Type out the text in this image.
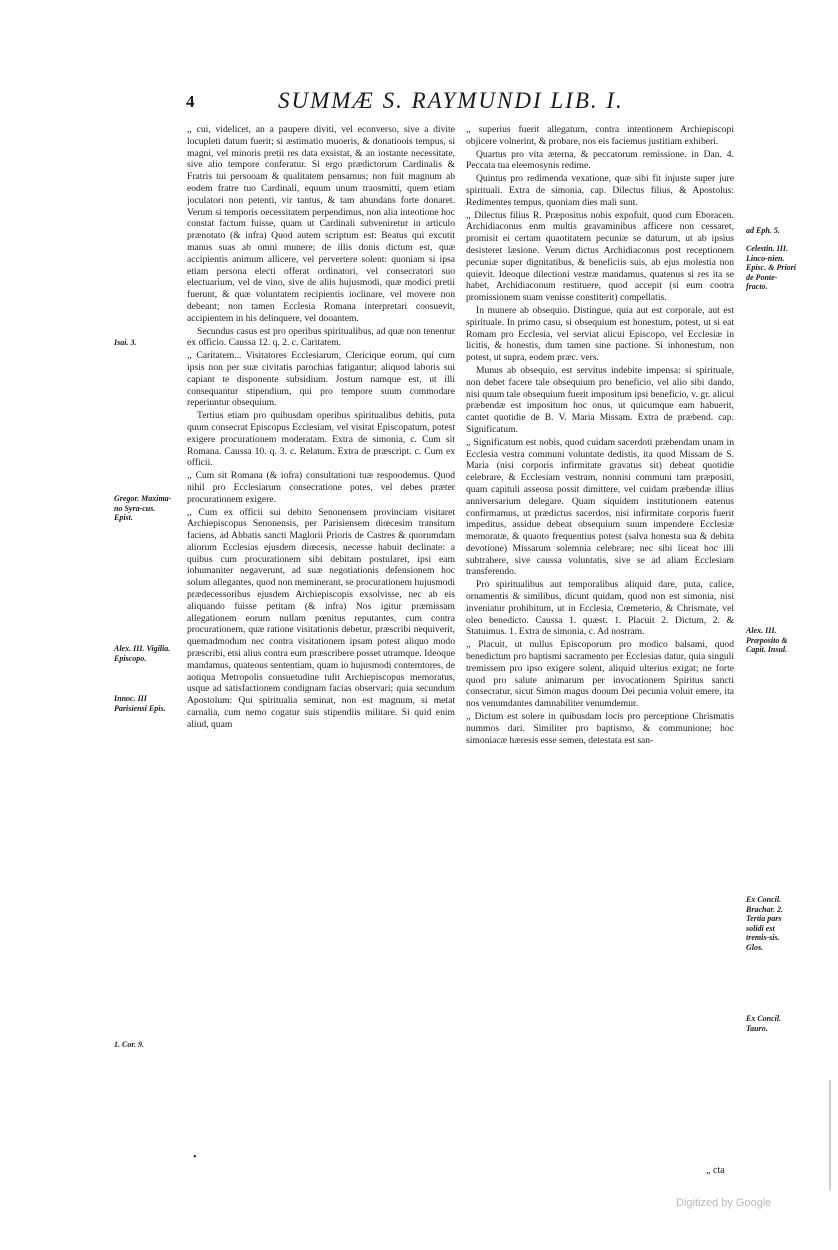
4	SUMMÆ S. RAYMUNDI LIB. I.
Isai. 3.
Gregor. Maxima-no Syra-cus. Epist.
Alex. III. Vigilia. Episcopo.
Innoc. III Parisiensi Epis.
1. Cor. 9.
ad Eph. 5.
Celestin. III. Linco-nien. Episc. & Priori de Ponte-fracto.
Alex. III. Præposito & Capit. Insul.
Ex Concil. Brachar. 2. Tertia pars solidi est tremis-sis. Glos.
Ex Concil. Tauro.

,, cui, videlicet, an a paupere diviti, vel econverso, sive a divite locupleti datum fuerit; si æstimatio muoeris, & donatioois tempus, si magni, vel minoris pretii res data exsistat, & an iostante necessitate, sive alio tempore conferatur. Si ergo prædictorum Cardinalis & Fratris tui persooam & qualitatem pensamus; non fuit magnum ab eodem fratre tuo Cardinali, equum unum traosmitti, quem etiam joculatori non petenti, vir tantus, & tam abundans forte donaret. Verum si temporis oecessitatem perpendimus, non alia inteotione hoc constat factum fuisse, quam ut Cardinali subveniretur in articulo prænotato (& infra) Quod autem scriptum est: Beatus qui excutit manus suas ab omni munere; de illis donis dictum est, quæ accipientis animum allicere, vel pervertere solent: quoniam si ipsa etiam persona electi offerat ordinatori, vel consecratori suo electuarium, vel de vino, sive de aliis hujusmodi, quæ modici pretii fuerunt, & quæ voluntatem recipientis ioclinare, vel movere non debeant; non tamen Ecclesia Romana interpretari coosuevit, accipientem in his delinquere, vel dooantem.

Secundus casus est pro operibus spiritualibus, ad quæ non tenentur ex officio. Caussa 12. q. 2. c. Caritatem.

,, Caritatem... Visitatores Ecclesiarum, Clericique eorum, qui cum ipsis non per suæ civitatis parochias fatigantur; aliquod laboris sui capiant te disponente subsidium. Jostum namque est, ut illi consequantur stipendium, qui pro tempore suum commodare reperiuntur obsequium.

Tertius etiam pro quibusdam operibus spiritualibus debitis, puta quum consecrat Episcopus Ecclesiam, vel visitat Episcopatum, potest exigere procurationem moderatam. Extra de simonia, c. Cum sit Romana. Caussa 10. q. 3. c. Relatum. Extra de præscript. c. Cum ex officii.

,, Cum sit Romana (& iofra) consultationi tuæ respoodemus. Quod nihil pro Ecclesiarum consecratione potes, vel debes præter procurationem exigere.

,, Cum ex officii sui debito Senonensem provinciam visitaret Archiepiscopus Senonensis, per Parisiensem diœcesim transitum faciens, ad Abbatis sancti Maglorii Prioris de Castres & quorumdam aliorum Ecclesias ejusdem diœcesis, necesse habuit declinate: a quibus cum procurationem sibi debitam postularet, ipsi eam iohumaniter negaverunt, ad suæ negotiationis defensionem hoc solum allegantes, quod non meminerant, se procurationem hujusmodi prædecessoribus ejusdem Archiepiscopis exsolvisse, nec ab eis aliquando fuisse petitam (& infra) Nos igitur præmissam allegationem eorum nullam pœnitus reputantes, cum contra procurationem, quæ ratione visitationis debetur, præscribi nequiverit, quemadmodum nec contra visitationem ipsam potest aliquo modo præscribi, etsi alius contra eum præscribere posset utramque. Ideoque mandamus, quateous sententiam, quam io hujusmodi contemtores, de aotiqua Metropolis consuetudine tulit Archiepiscopus memoratus, usque ad satisfactionem condignam facias observari; quia secundum Apostolum: Qui spiritualia seminat, non est magnum, si metat carnalia, cum nemo cogatur suis stipendiis militare. Si quid enim aliud, quam

,, superius fuerit allegatum, contra intentionem Archiepiscopi objicere volnerint, & probare, nos eis faciemus justitiam exhiberi.

Quartus pro vita æterna, & peccatorum remissione. in Dan. 4. Peccata tua eleemosynis redime.

Quintus pro redimenda vexatione, quæ sibi fit injuste super jure spirituali. Extra de simonia, cap. Dilectus filius, & Apostolus: Redimentes tempus, quoniam dies mali sunt.

,, Dilectus filius R. Præpositus nobis expofuit, quod cum Eboracen. Archidiaconus enm multis gravaminibus afficere non cessaret, promisit ei certam quaotitatem pecuniæ se daturum, ut ab ipsius desisteret læsione. Verum dictus Archidiaconus post receptionem pecuniæ super dignitatibus, & beneficiis suis, ab ejus molestia non quievit. Ideoque dilectioni vestræ mandamus, quatenus si res ita se habet, Archidiaconum restituere, quod accepit (si eum cootra promissionem suam venisse constiterit) compellatis.

In munere ab obsequio. Distingue, quia aut est corporale, aut est spirituale. In primo casu, si obsequium est honestum, potest, ut si eat Romam pro Ecclesia, vel serviat alicui Episcopo, vel Ecclesiæ in licitis, & honestis, dum tamen sine pactione. Si inhonestum, non potest, ut supra, eodem præc. vers.

Munus ab obsequio, est servitus indebite impensa: si spirituale, non debet facere tale obsequium pro beneficio, vel alio sibi dando, nisi quum tale obsequium fuerit impositum ipsi beneficio, v. gr. alicui præbendæ est impositum hoc onus, ut quicumque eam habuerit, cantet quotidie de B. V. Maria Missam. Extra de præbend. cap. Significatum.

,, Significatum est nobis, quod cuidam sacerdoti præbendam unam in Ecclesia vestra communi voluntate dedistis, ita quod Missam de S. Maria (nisi corporis infirmitate gravatus sit) debeat quotidie celebrare, & Ecclesiam vestram, nonnisi communi tam præpositi, quam capituli asseosu possit dimittere, vel cuidam præbendæ illius anniversarium delegare. Quam siquidem institutionem eatenus confirmamus, ut prædictus sacerdos, nisi infirmitate corporis fuerit impeditus, assidue debeat obsequium suum impendere Ecclesiæ memoratæ, & quaoto frequentius potest (salva honesta sua & debita devotione) Missarum solemnia celebrare; nec sibi liceat hoc illi subtrahere, sive caussa voluntatis, sive se ad aliam Ecclesiam transferendo.

Pro spiritualibus aut temporalibus aliquid dare, puta, calice, ornamentis & similibus, dicunt quidam, quod non est simonia, nisi inveniatur prohibitum, ut in Ecclesia, Cœmeterio, & Chrismate, vel oleo benedicto. Caussa 1. quæst. 1. Placuit 2. Dictum, 2. & Statuimus. 1. Extra de simonia, c. Ad nostram.

,, Placuit, ut nullus Episcoporum pro modico balsami, quod benedictum pro baptismi sacramento per Ecclesias datur, quia singuli tremissem pro ipso exigere solent, aliquid ulterius exigat; ne forte quod pro salute animarum per invocationem Spiritus sancti consecratur, sicut Simon magus dooum Dei pecunia voluit emere, ita nos venumdantes damnabiliter venumdemur.

,, Dictum est solere in quibusdam locis pro perceptione Chrismatis nummos dari. Similiter pro baptismo, & communione; hoc simoniacæ hæresis esse semen, detestata est san-

„ cta
•
Digitized by Google
